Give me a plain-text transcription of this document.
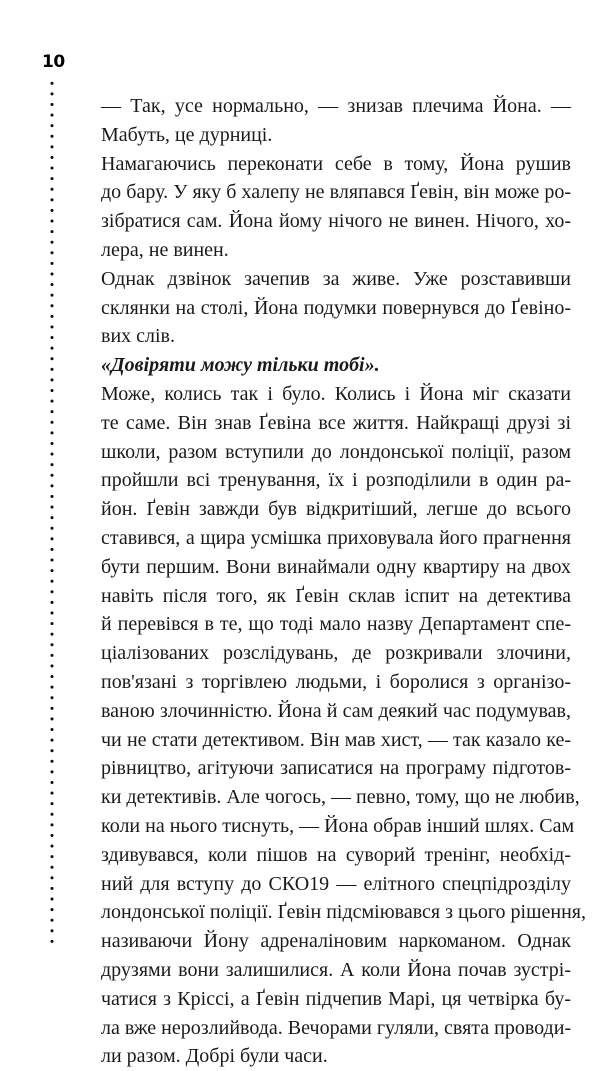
10

— Так, усе нормально, — знизав плечима Йона. —
Мабуть, це дурниці.

Намагаючись переконати себе в тому, Йона рушив
до бару. У яку б халепу не вляпався Ґевін, він може ро-
зібратися сам. Йона йому нічого не винен. Нічого, хо-
лера, не винен.

Однак дзвінок зачепив за живе. Уже розставивши
склянки на столі, Йона подумки повернувся до Ґевіно-
вих слів.

«Довіряти можу тільки тобі».

Може, колись так і було. Колись і Йона міг сказати
те саме. Він знав Ґевіна все життя. Найкращі друзі зі
школи, разом вступили до лондонської поліції, разом
пройшли всі тренування, їх і розподілили в один ра-
йон. Ґевін завжди був відкритіший, легше до всього
ставився, а щира усмішка приховувала його прагнення
бути першим. Вони винаймали одну квартиру на двох
навіть після того, як Ґевін склав іспит на детектива
й перевівся в те, що тоді мало назву Департамент спе-
ціалізованих розслідувань, де розкривали злочини,
пов'язані з торгівлею людьми, і боролися з організо-
ваною злочинністю. Йона й сам деякий час подумував,
чи не стати детективом. Він мав хист, — так казало ке-
рівництво, агітуючи записатися на програму підготов-
ки детективів. Але чогось, — певно, тому, що не любив,
коли на нього тиснуть, — Йона обрав інший шлях. Сам
здивувався, коли пішов на суворий тренінг, необхід-
ний для вступу до СКО19 — елітного спецпідрозділу
лондонської поліції. Ґевін підсміювався з цього рішення,
називаючи Йону адреналіновим наркоманом. Однак
друзями вони залишилися. А коли Йона почав зустрі-
чатися з Кріссі, а Ґевін підчепив Марі, ця четвірка бу-
ла вже нерозлийвода. Вечорами гуляли, свята проводи-
ли разом. Добрі були часи.
